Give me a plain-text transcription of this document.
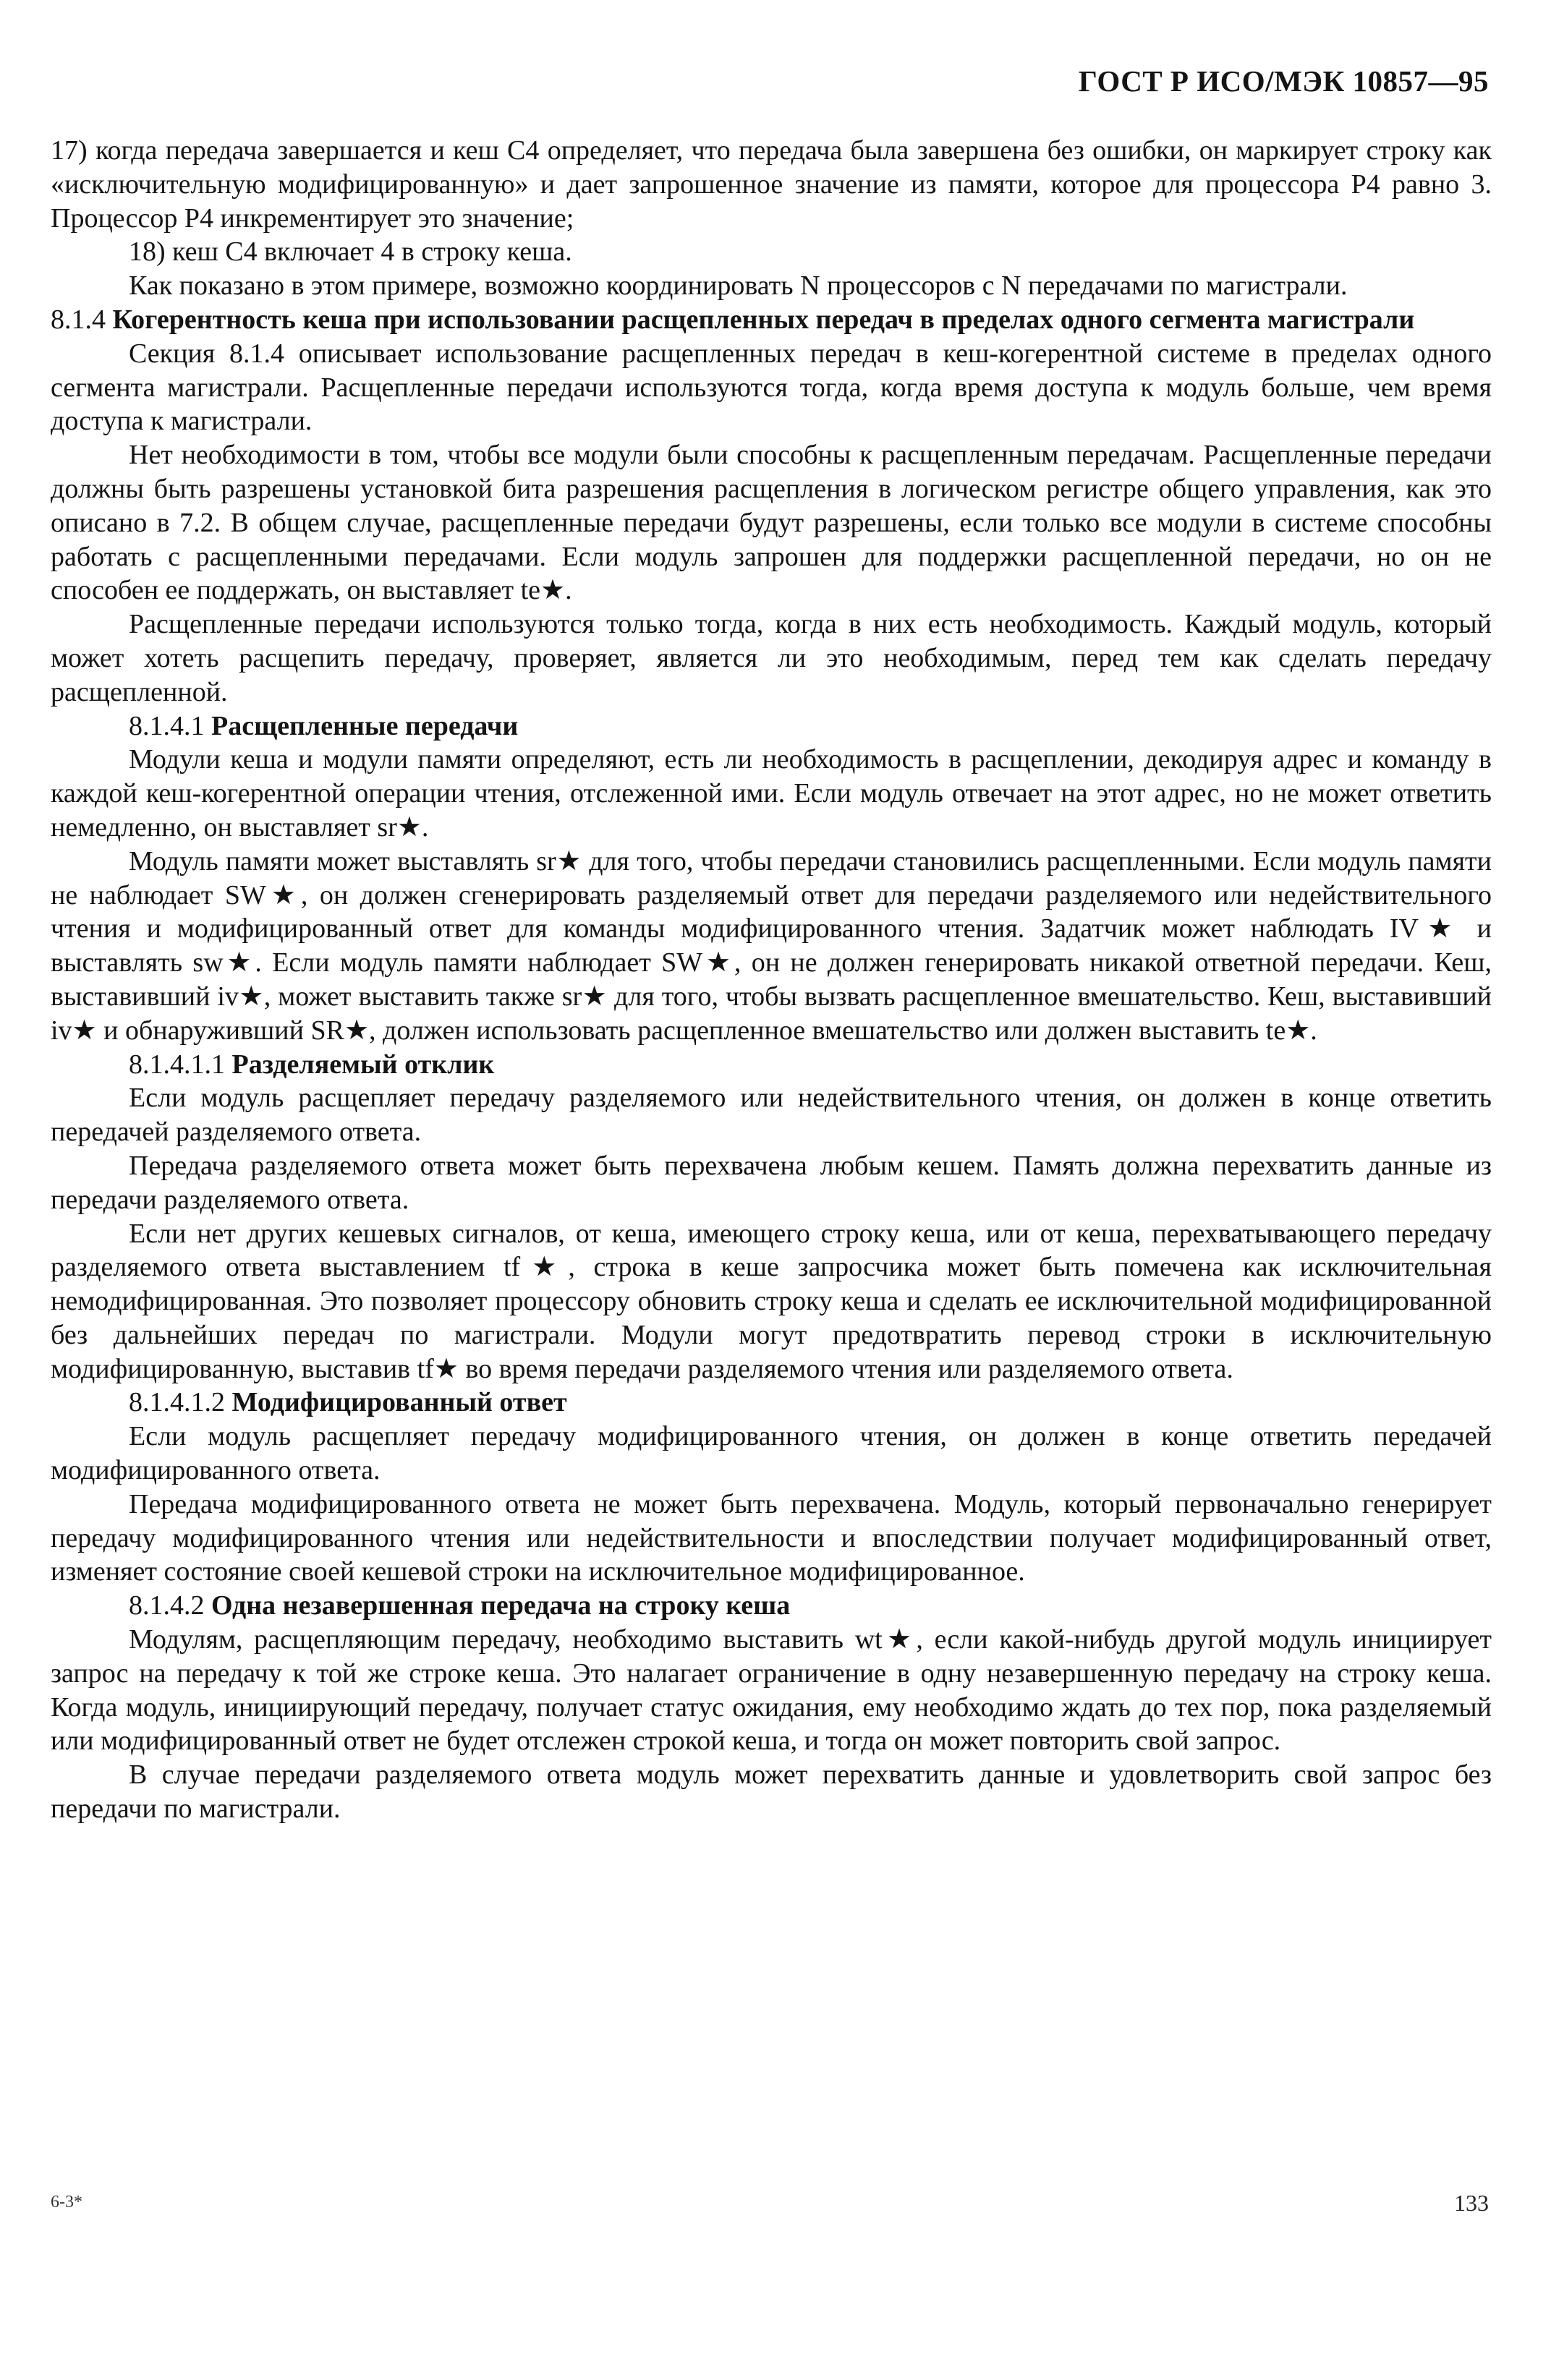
ГОСТ Р ИСО/МЭК 10857—95

17) когда передача завершается и кеш С4 определяет, что передача была завершена без ошибки, он маркирует строку как «исключительную модифицированную» и дает запрошенное значение из памяти, которое для процессора Р4 равно 3. Процессор Р4 инкрементирует это значение;

18) кеш С4 включает 4 в строку кеша.

Как показано в этом примере, возможно координировать N процессоров с N передачами по магистрали.

8.1.4 Когерентность кеша при использовании расщепленных передач в пределах одного сегмента магистрали

Секция 8.1.4 описывает использование расщепленных передач в кеш-когерентной системе в пределах одного сегмента магистрали. Расщепленные передачи используются тогда, когда время доступа к модуль больше, чем время доступа к магистрали.

Нет необходимости в том, чтобы все модули были способны к расщепленным передачам. Расщепленные передачи должны быть разрешены установкой бита разрешения расщепления в логическом регистре общего управления, как это описано в 7.2. В общем случае, расщепленные передачи будут разрешены, если только все модули в системе способны работать с расщепленными передачами. Если модуль запрошен для поддержки расщепленной передачи, но он не способен ее поддержать, он выставляет te★.

Расщепленные передачи используются только тогда, когда в них есть необходимость. Каждый модуль, который может хотеть расщепить передачу, проверяет, является ли это необходимым, перед тем как сделать передачу расщепленной.

8.1.4.1 Расщепленные передачи

Модули кеша и модули памяти определяют, есть ли необходимость в расщеплении, декодируя адрес и команду в каждой кеш-когерентной операции чтения, отслеженной ими. Если модуль отвечает на этот адрес, но не может ответить немедленно, он выставляет sr★.

Модуль памяти может выставлять sr★ для того, чтобы передачи становились расщепленными. Если модуль памяти не наблюдает SW★, он должен сгенерировать разделяемый ответ для передачи разделяемого или недействительного чтения и модифицированный ответ для команды модифицированного чтения. Задатчик может наблюдать IV★ и выставлять sw★. Если модуль памяти наблюдает SW★, он не должен генерировать никакой ответной передачи. Кеш, выставивший iv★, может выставить также sr★ для того, чтобы вызвать расщепленное вмешательство. Кеш, выставивший iv★ и обнаруживший SR★, должен использовать расщепленное вмешательство или должен выставить te★.

8.1.4.1.1 Разделяемый отклик

Если модуль расщепляет передачу разделяемого или недействительного чтения, он должен в конце ответить передачей разделяемого ответа.

Передача разделяемого ответа может быть перехвачена любым кешем. Память должна перехватить данные из передачи разделяемого ответа.

Если нет других кешевых сигналов, от кеша, имеющего строку кеша, или от кеша, перехватывающего передачу разделяемого ответа выставлением tf★, строка в кеше запросчика может быть помечена как исключительная немодифицированная. Это позволяет процессору обновить строку кеша и сделать ее исключительной модифицированной без дальнейших передач по магистрали. Модули могут предотвратить перевод строки в исключительную модифицированную, выставив tf★ во время передачи разделяемого чтения или разделяемого ответа.

8.1.4.1.2 Модифицированный ответ

Если модуль расщепляет передачу модифицированного чтения, он должен в конце ответить передачей модифицированного ответа.

Передача модифицированного ответа не может быть перехвачена. Модуль, который первоначально генерирует передачу модифицированного чтения или недействительности и впоследствии получает модифицированный ответ, изменяет состояние своей кешевой строки на исключительное модифицированное.

8.1.4.2 Одна незавершенная передача на строку кеша

Модулям, расщепляющим передачу, необходимо выставить wt★, если какой-нибудь другой модуль инициирует запрос на передачу к той же строке кеша. Это налагает ограничение в одну незавершенную передачу на строку кеша. Когда модуль, инициирующий передачу, получает статус ожидания, ему необходимо ждать до тех пор, пока разделяемый или модифицированный ответ не будет отслежен строкой кеша, и тогда он может повторить свой запрос.

В случае передачи разделяемого ответа модуль может перехватить данные и удовлетворить свой запрос без передачи по магистрали.

6-3*	133
